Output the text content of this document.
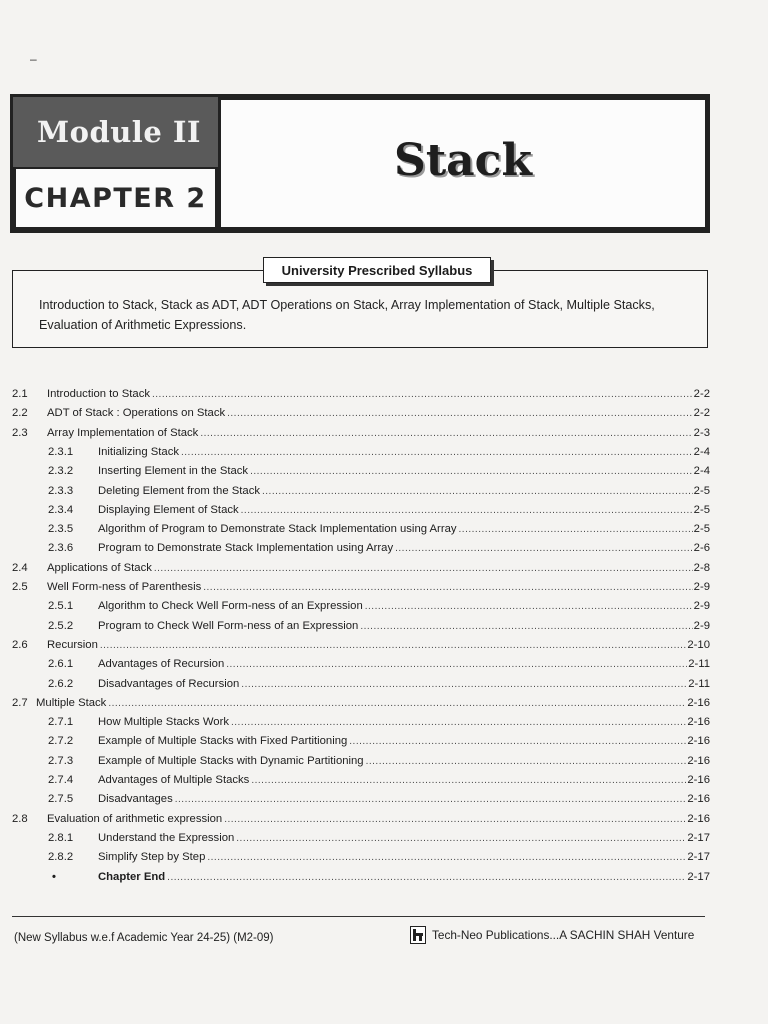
–
Module II
CHAPTER 2
Stack
University Prescribed Syllabus
Introduction to Stack, Stack as ADT, ADT Operations on Stack, Array Implementation of Stack, Multiple Stacks, Evaluation of Arithmetic Expressions.
2.1 Introduction to Stack .....	2-2
2.2 ADT of Stack : Operations on Stack .....	2-2
2.3 Array Implementation of Stack .....	2-3
2.3.1 Initializing Stack .....	2-4
2.3.2 Inserting Element in the Stack .....	2-4
2.3.3 Deleting Element from the Stack .....	2-5
2.3.4 Displaying Element of Stack .....	2-5
2.3.5 Algorithm of Program to Demonstrate Stack Implementation using Array .....	2-5
2.3.6 Program to Demonstrate Stack Implementation using Array .....	2-6
2.4 Applications of Stack .....	2-8
2.5 Well Form-ness of Parenthesis .....	2-9
2.5.1 Algorithm to Check Well Form-ness of an Expression .....	2-9
2.5.2 Program to Check Well Form-ness of an Expression .....	2-9
2.6 Recursion .....	2-10
2.6.1 Advantages of Recursion .....	2-11
2.6.2 Disadvantages of Recursion .....	2-11
2.7 Multiple Stack .....	2-16
2.7.1 How Multiple Stacks Work .....	2-16
2.7.2 Example of Multiple Stacks with Fixed Partitioning .....	2-16
2.7.3 Example of Multiple Stacks with Dynamic Partitioning .....	2-16
2.7.4 Advantages of Multiple Stacks .....	2-16
2.7.5 Disadvantages .....	2-16
2.8 Evaluation of arithmetic expression .....	2-16
2.8.1 Understand the Expression .....	2-17
2.8.2 Simplify Step by Step .....	2-17
•	Chapter End .....	2-17
(New Syllabus w.e.f Academic Year 24-25) (M2-09)	Tech-Neo Publications...A SACHIN SHAH Venture
